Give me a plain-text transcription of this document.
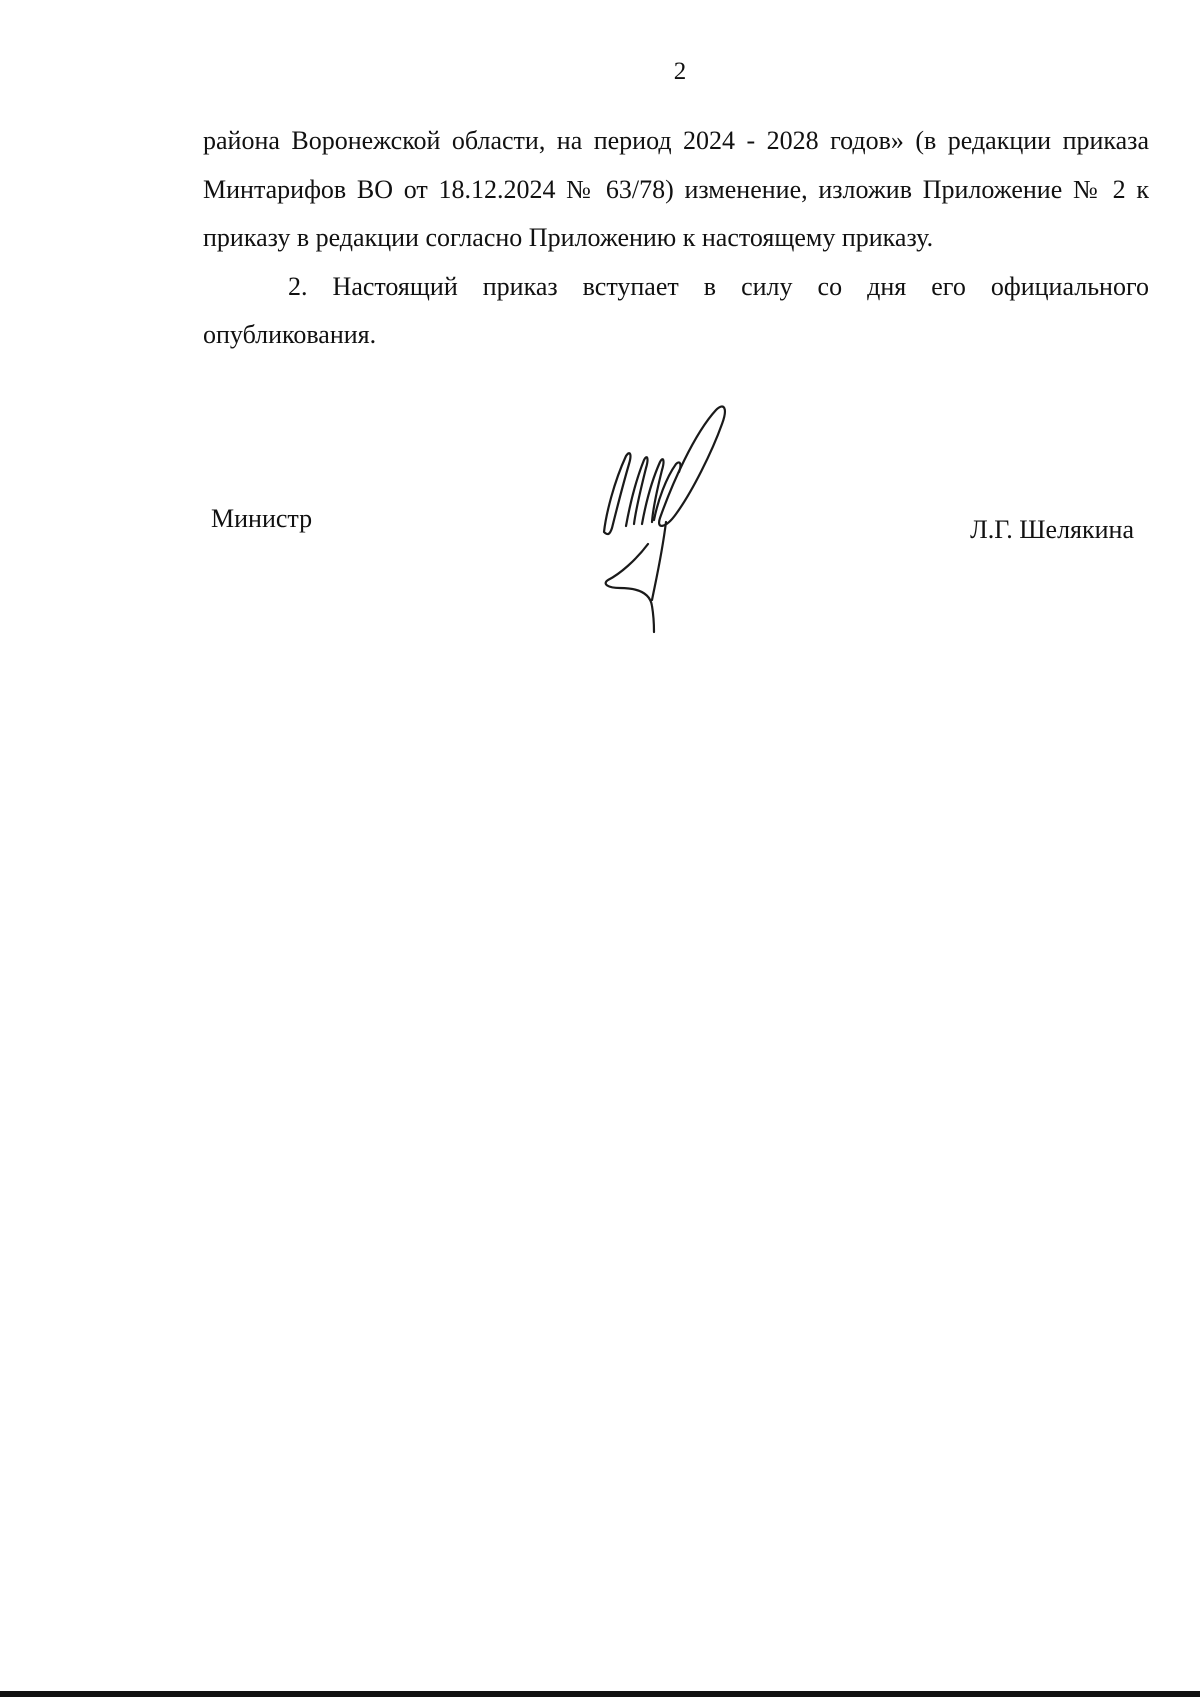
2

района Воронежской области, на период 2024 - 2028 годов» (в редакции приказа Минтарифов ВО от 18.12.2024 № 63/78) изменение, изложив Приложение № 2 к приказу в редакции согласно Приложению к настоящему приказу.

2. Настоящий приказ вступает в силу со дня его официального опубликования.

Министр	Л.Г. Шелякина
